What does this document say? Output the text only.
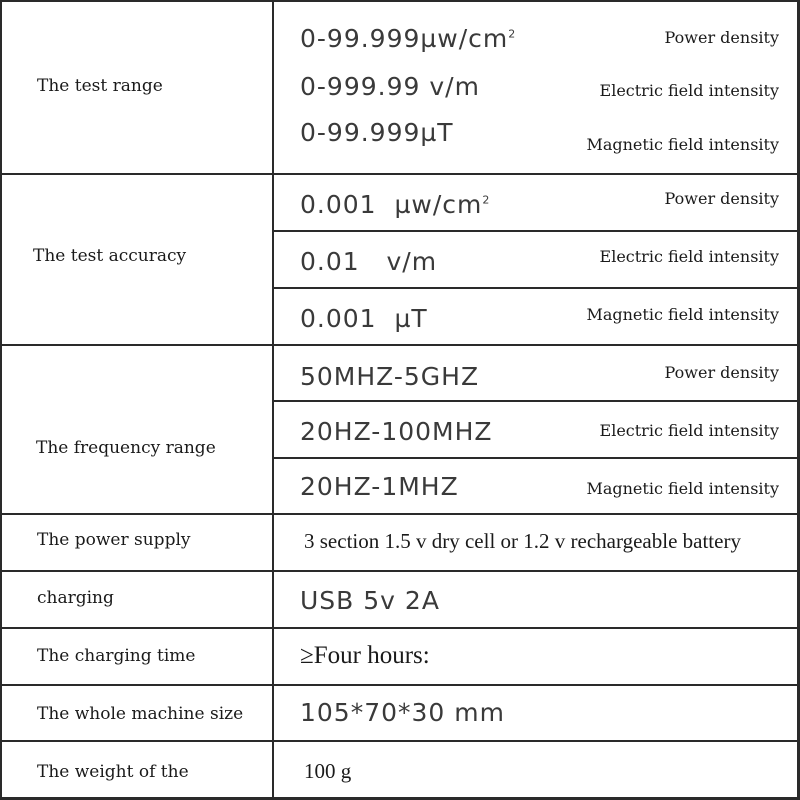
The test range
$0-99.999\mu w/cm^2$	Power density
0-999.99 v/m	Electric field intensity
0-99.999µT	Magnetic field intensity
The test accuracy
0.001  $\mu w/cm^2$	Power density
0.01   v/m	Electric field intensity
0.001  µT	Magnetic field intensity
The frequency range
50MHZ-5GHZ	Power density
20HZ-100MHZ	Electric field intensity
20HZ-1MHZ	Magnetic field intensity
The power supply	3 section 1.5 v dry cell or 1.2 v rechargeable battery
charging	USB 5v 2A
The charging time	≥Four hours:
The whole machine size 105*70*30 mm
The weight of the	100 g
